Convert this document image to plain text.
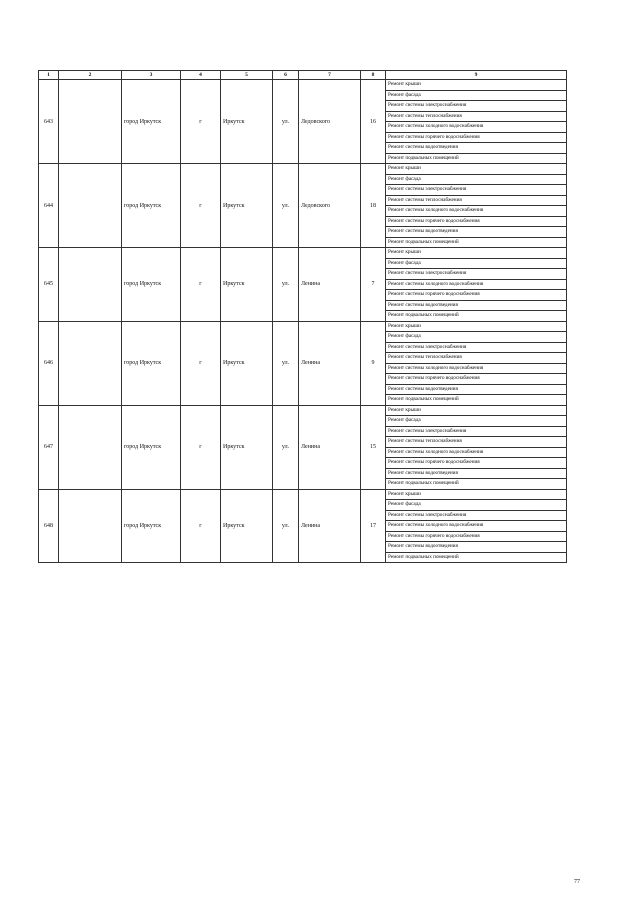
1	2	3	4	5	6	7	8	9
643		город Иркутск	г	Иркутск	ул.	Ледовского	16	Ремонт крыши
								Ремонт фасада
								Ремонт системы электроснабжения
								Ремонт системы теплоснабжения
								Ремонт системы холодного водоснабжения
								Ремонт системы горячего водоснабжения
								Ремонт системы водоотведения
								Ремонт подвальных помещений
644		город Иркутск	г	Иркутск	ул.	Ледовского	18	Ремонт крыши
								Ремонт фасада
								Ремонт системы электроснабжения
								Ремонт системы теплоснабжения
								Ремонт системы холодного водоснабжения
								Ремонт системы горячего водоснабжения
								Ремонт системы водоотведения
								Ремонт подвальных помещений
645		город Иркутск	г	Иркутск	ул.	Ленина	7	Ремонт крыши
								Ремонт фасада
								Ремонт системы электроснабжения
								Ремонт системы холодного водоснабжения
								Ремонт системы горячего водоснабжения
								Ремонт системы водоотведения
								Ремонт подвальных помещений
646		город Иркутск	г	Иркутск	ул.	Ленина	9	Ремонт крыши
								Ремонт фасада
								Ремонт системы электроснабжения
								Ремонт системы теплоснабжения
								Ремонт системы холодного водоснабжения
								Ремонт системы горячего водоснабжения
								Ремонт системы водоотведения
								Ремонт подвальных помещений
647		город Иркутск	г	Иркутск	ул.	Ленина	15	Ремонт крыши
								Ремонт фасада
								Ремонт системы электроснабжения
								Ремонт системы теплоснабжения
								Ремонт системы холодного водоснабжения
								Ремонт системы горячего водоснабжения
								Ремонт системы водоотведения
								Ремонт подвальных помещений
648		город Иркутск	г	Иркутск	ул.	Ленина	17	Ремонт крыши
								Ремонт фасада
								Ремонт системы электроснабжения
								Ремонт системы холодного водоснабжения
								Ремонт системы горячего водоснабжения
								Ремонт системы водоотведения
								Ремонт подвальных помещений
77
